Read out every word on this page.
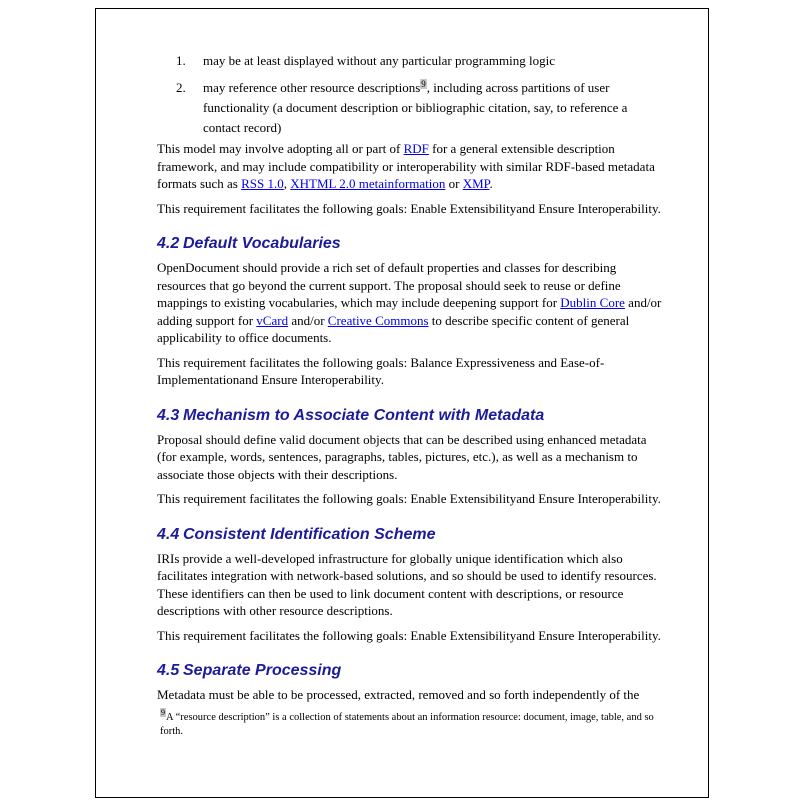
1. may be at least displayed without any particular programming logic
2. may reference other resource descriptions$^9$, including across partitions of user functionality (a document description or bibliographic citation, say, to reference a contact record)

This model may involve adopting all or part of RDF for a general extensible description framework, and may include compatibility or interoperability with similar RDF-based metadata formats such as RSS 1.0, XHTML 2.0 metainformation or XMP.

This requirement facilitates the following goals: Enable Extensibilityand Ensure Interoperability.

4.2 Default Vocabularies

OpenDocument should provide a rich set of default properties and classes for describing resources that go beyond the current support. The proposal should seek to reuse or define mappings to existing vocabularies, which may include deepening support for Dublin Core and/or adding support for vCard and/or Creative Commons to describe specific content of general applicability to office documents.

This requirement facilitates the following goals: Balance Expressiveness and Ease-of-Implementationand Ensure Interoperability.

4.3 Mechanism to Associate Content with Metadata

Proposal should define valid document objects that can be described using enhanced metadata (for example, words, sentences, paragraphs, tables, pictures, etc.), as well as a mechanism to associate those objects with their descriptions.

This requirement facilitates the following goals: Enable Extensibilityand Ensure Interoperability.

4.4 Consistent Identification Scheme

IRIs provide a well-developed infrastructure for globally unique identification which also facilitates integration with network-based solutions, and so should be used to identify resources. These identifiers can then be used to link document content with descriptions, or resource descriptions with other resource descriptions.

This requirement facilitates the following goals: Enable Extensibilityand Ensure Interoperability.

4.5 Separate Processing

Metadata must be able to be processed, extracted, removed and so forth independently of the

$^9$A “resource description” is a collection of statements about an information resource: document, image, table, and so forth.
